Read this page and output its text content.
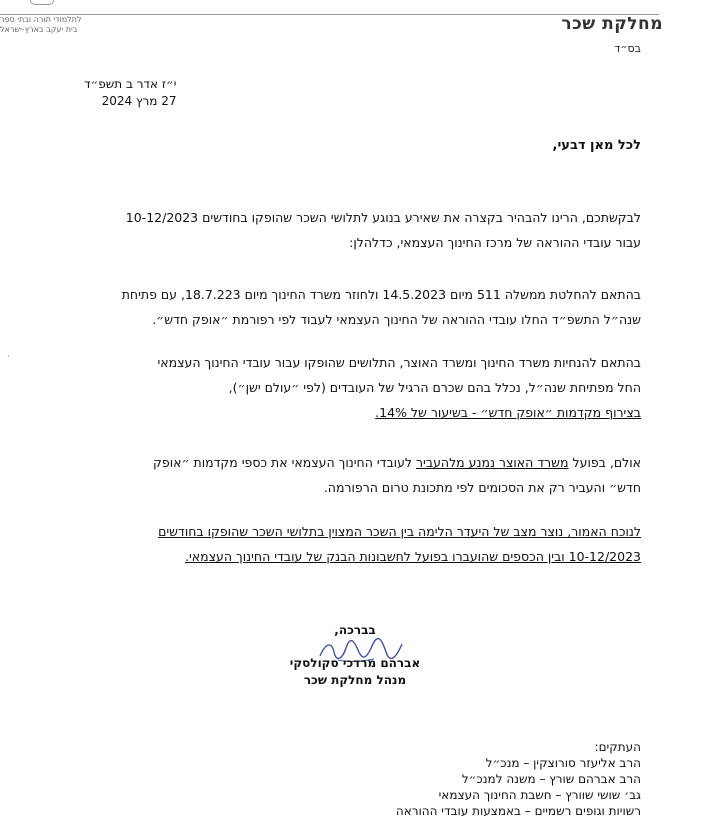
מחלקת שכר
לתלמודי תורה ובתי ספר
בית יעקב בארץ-ישראל
בס״ד
י״ז אדר ב תשפ״ד
27 מרץ 2024
לכל מאן דבעי,
לבקשתכם, הרינו להבהיר בקצרה את שאירע בנוגע לתלושי השכר שהופקו בחודשים 10-12/2023
עבור עובדי ההוראה של מרכז החינוך העצמאי, כדלהלן:
בהתאם להחלטת ממשלה 511 מיום 14.5.2023 ולחוזר משרד החינוך מיום 18.7.223, עם פתיחת
שנה״ל התשפ״ד החלו עובדי ההוראה של החינוך העצמאי לעבוד לפי רפורמת ״אופק חדש״.
בהתאם להנחיות משרד החינוך ומשרד האוצר, התלושים שהופקו עבור עובדי החינוך העצמאי
החל מפתיחת שנה״ל, נכלל בהם שכרם הרגיל של העובדים (לפי ״עולם ישן״),
בצירוף מקדמות ״אופק חדש״ - בשיעור של 14%.
אולם, בפועל משרד האוצר נמנע מלהעביר לעובדי החינוך העצמאי את כספי מקדמות ״אופק
חדש״ והעביר רק את הסכומים לפי מתכונת טרום הרפורמה.
לנוכח האמור, נוצר מצב של היעדר הלימה בין השכר המצוין בתלושי השכר שהופקו בחודשים
10-12/2023 ובין הכספים שהועברו בפועל לחשבונות הבנק של עובדי החינוך העצמאי.
בברכה,
אברהם מרדכי סקולסקי
מנהל מחלקת שכר
העתקים:
הרב אליעזר סורוצקין – מנכ״ל
הרב אברהם שורץ – משנה למנכ״ל
גב׳ שושי שוורץ – חשבת החינוך העצמאי
רשויות וגופים רשמיים – באמצעות עובדי ההוראה
